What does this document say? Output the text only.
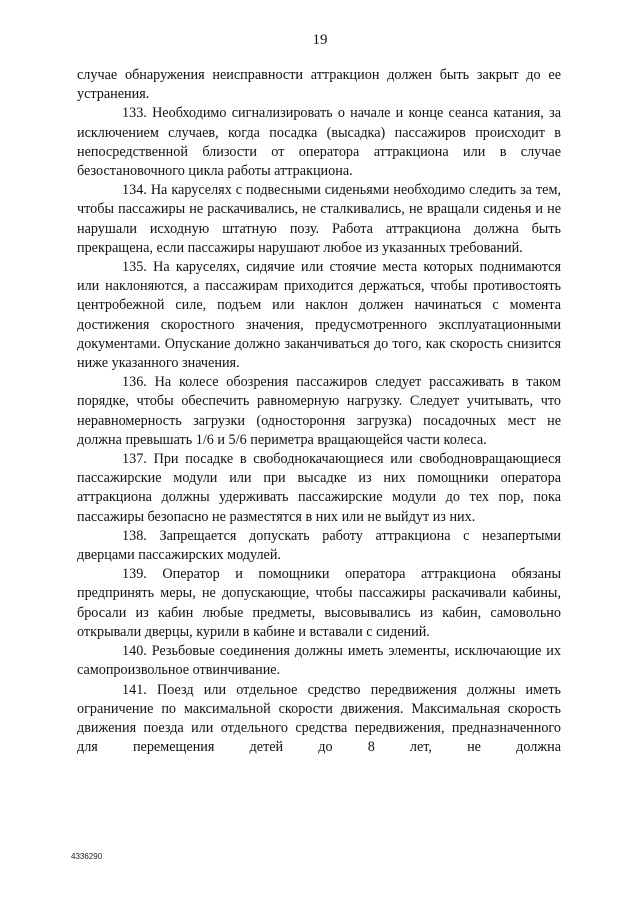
19

случае обнаружения неисправности аттракцион должен быть закрыт до ее устранения.

133. Необходимо сигнализировать о начале и конце сеанса катания, за исключением случаев, когда посадка (высадка) пассажиров происходит в непосредственной близости от оператора аттракциона или в случае безостановочного цикла работы аттракциона.

134. На каруселях с подвесными сиденьями необходимо следить за тем, чтобы пассажиры не раскачивались, не сталкивались, не вращали сиденья и не нарушали исходную штатную позу. Работа аттракциона должна быть прекращена, если пассажиры нарушают любое из указанных требований.

135. На каруселях, сидячие или стоячие места которых поднимаются или наклоняются, а пассажирам приходится держаться, чтобы противостоять центробежной силе, подъем или наклон должен начинаться с момента достижения скоростного значения, предусмотренного эксплуатационными документами. Опускание должно заканчиваться до того, как скорость снизится ниже указанного значения.

136. На колесе обозрения пассажиров следует рассаживать в таком порядке, чтобы обеспечить равномерную нагрузку. Следует учитывать, что неравномерность загрузки (одностороння загрузка) посадочных мест не должна превышать 1/6 и 5/6 периметра вращающейся части колеса.

137. При посадке в свободнокачающиеся или свободновращающиеся пассажирские модули или при высадке из них помощники оператора аттракциона должны удерживать пассажирские модули до тех пор, пока пассажиры безопасно не разместятся в них или не выйдут из них.

138. Запрещается допускать работу аттракциона с незапертыми дверцами пассажирских модулей.

139. Оператор и помощники оператора аттракциона обязаны предпринять меры, не допускающие, чтобы пассажиры раскачивали кабины, бросали из кабин любые предметы, высовывались из кабин, самовольно открывали дверцы, курили в кабине и вставали с сидений.

140. Резьбовые соединения должны иметь элементы, исключающие их самопроизвольное отвинчивание.

141. Поезд или отдельное средство передвижения должны иметь ограничение по максимальной скорости движения. Максимальная скорость движения поезда или отдельного средства передвижения, предназначенного для перемещения детей до 8 лет, не должна

4336290
